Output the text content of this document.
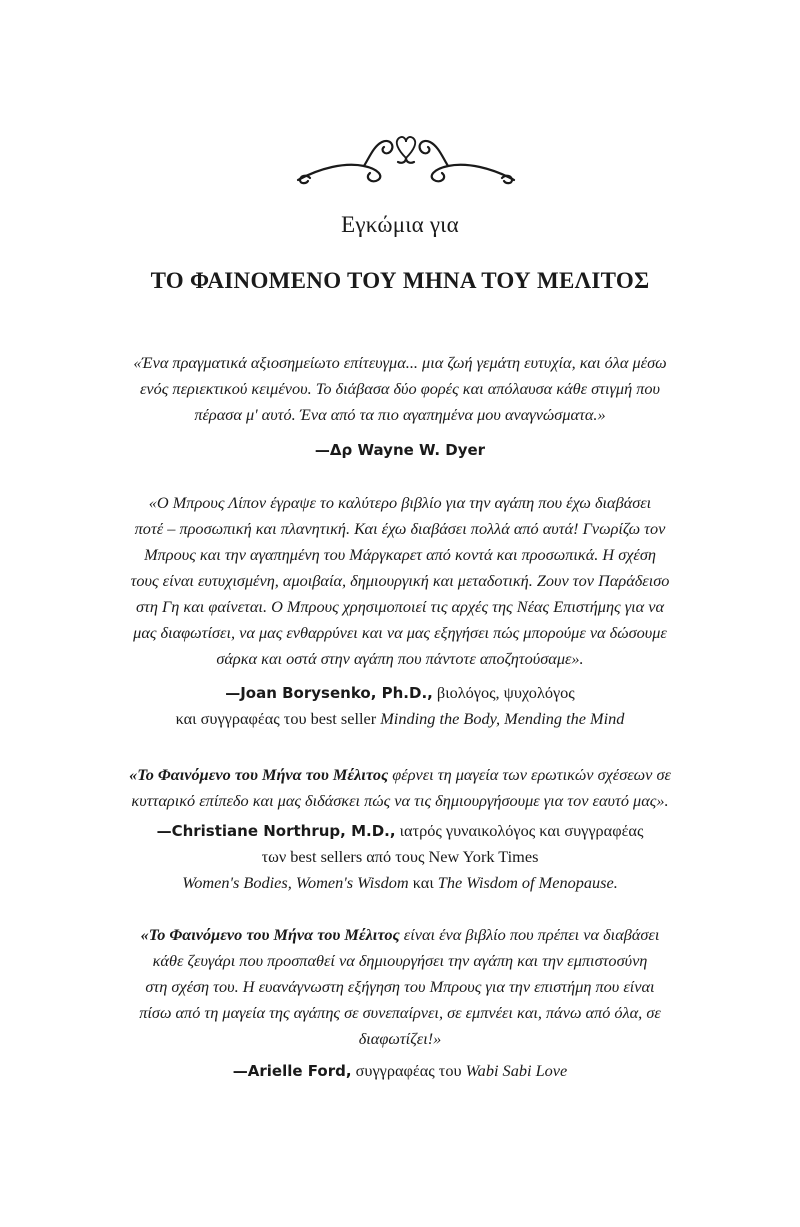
Εγκώμια για
ΤΟ ΦΑΙΝΟΜΕΝΟ ΤΟΥ ΜΗΝΑ ΤΟΥ ΜΕΛΙΤΟΣ
«Ένα πραγματικά αξιοσημείωτο επίτευγμα... μια ζωή γεμάτη ευτυχία, και όλα μέσω
ενός περιεκτικού κειμένου. Το διάβασα δύο φορές και απόλαυσα κάθε στιγμή που
πέρασα μ' αυτό. Ένα από τα πιο αγαπημένα μου αναγνώσματα.»
—Δρ Wayne W. Dyer
«Ο Μπρους Λίπον έγραψε το καλύτερο βιβλίο για την αγάπη που έχω διαβάσει
ποτέ – προσωπική και πλανητική. Και έχω διαβάσει πολλά από αυτά! Γνωρίζω τον
Μπρους και την αγαπημένη του Μάργκαρετ από κοντά και προσωπικά. Η σχέση
τους είναι ευτυχισμένη, αμοιβαία, δημιουργική και μεταδοτική. Ζουν τον Παράδεισο
στη Γη και φαίνεται. Ο Μπρους χρησιμοποιεί τις αρχές της Νέας Επιστήμης για να
μας διαφωτίσει, να μας ενθαρρύνει και να μας εξηγήσει πώς μπορούμε να δώσουμε
σάρκα και οστά στην αγάπη που πάντοτε αποζητούσαμε».
—Joan Borysenko, Ph.D., βιολόγος, ψυχολόγος
και συγγραφέας του best seller Minding the Body, Mending the Mind
«Το Φαινόμενο του Μήνα του Μέλιτος φέρνει τη μαγεία των ερωτικών σχέσεων σε
κυτταρικό επίπεδο και μας διδάσκει πώς να τις δημιουργήσουμε για τον εαυτό μας».
—Christiane Northrup, M.D., ιατρός γυναικολόγος και συγγραφέας
των best sellers από τους New York Times
Women's Bodies, Women's Wisdom και The Wisdom of Menopause.
«Το Φαινόμενο του Μήνα του Μέλιτος είναι ένα βιβλίο που πρέπει να διαβάσει
κάθε ζευγάρι που προσπαθεί να δημιουργήσει την αγάπη και την εμπιστοσύνη
στη σχέση του. Η ευανάγνωστη εξήγηση του Μπρους για την επιστήμη που είναι
πίσω από τη μαγεία της αγάπης σε συνεπαίρνει, σε εμπνέει και, πάνω από όλα, σε
διαφωτίζει!»
—Arielle Ford, συγγραφέας του Wabi Sabi Love
